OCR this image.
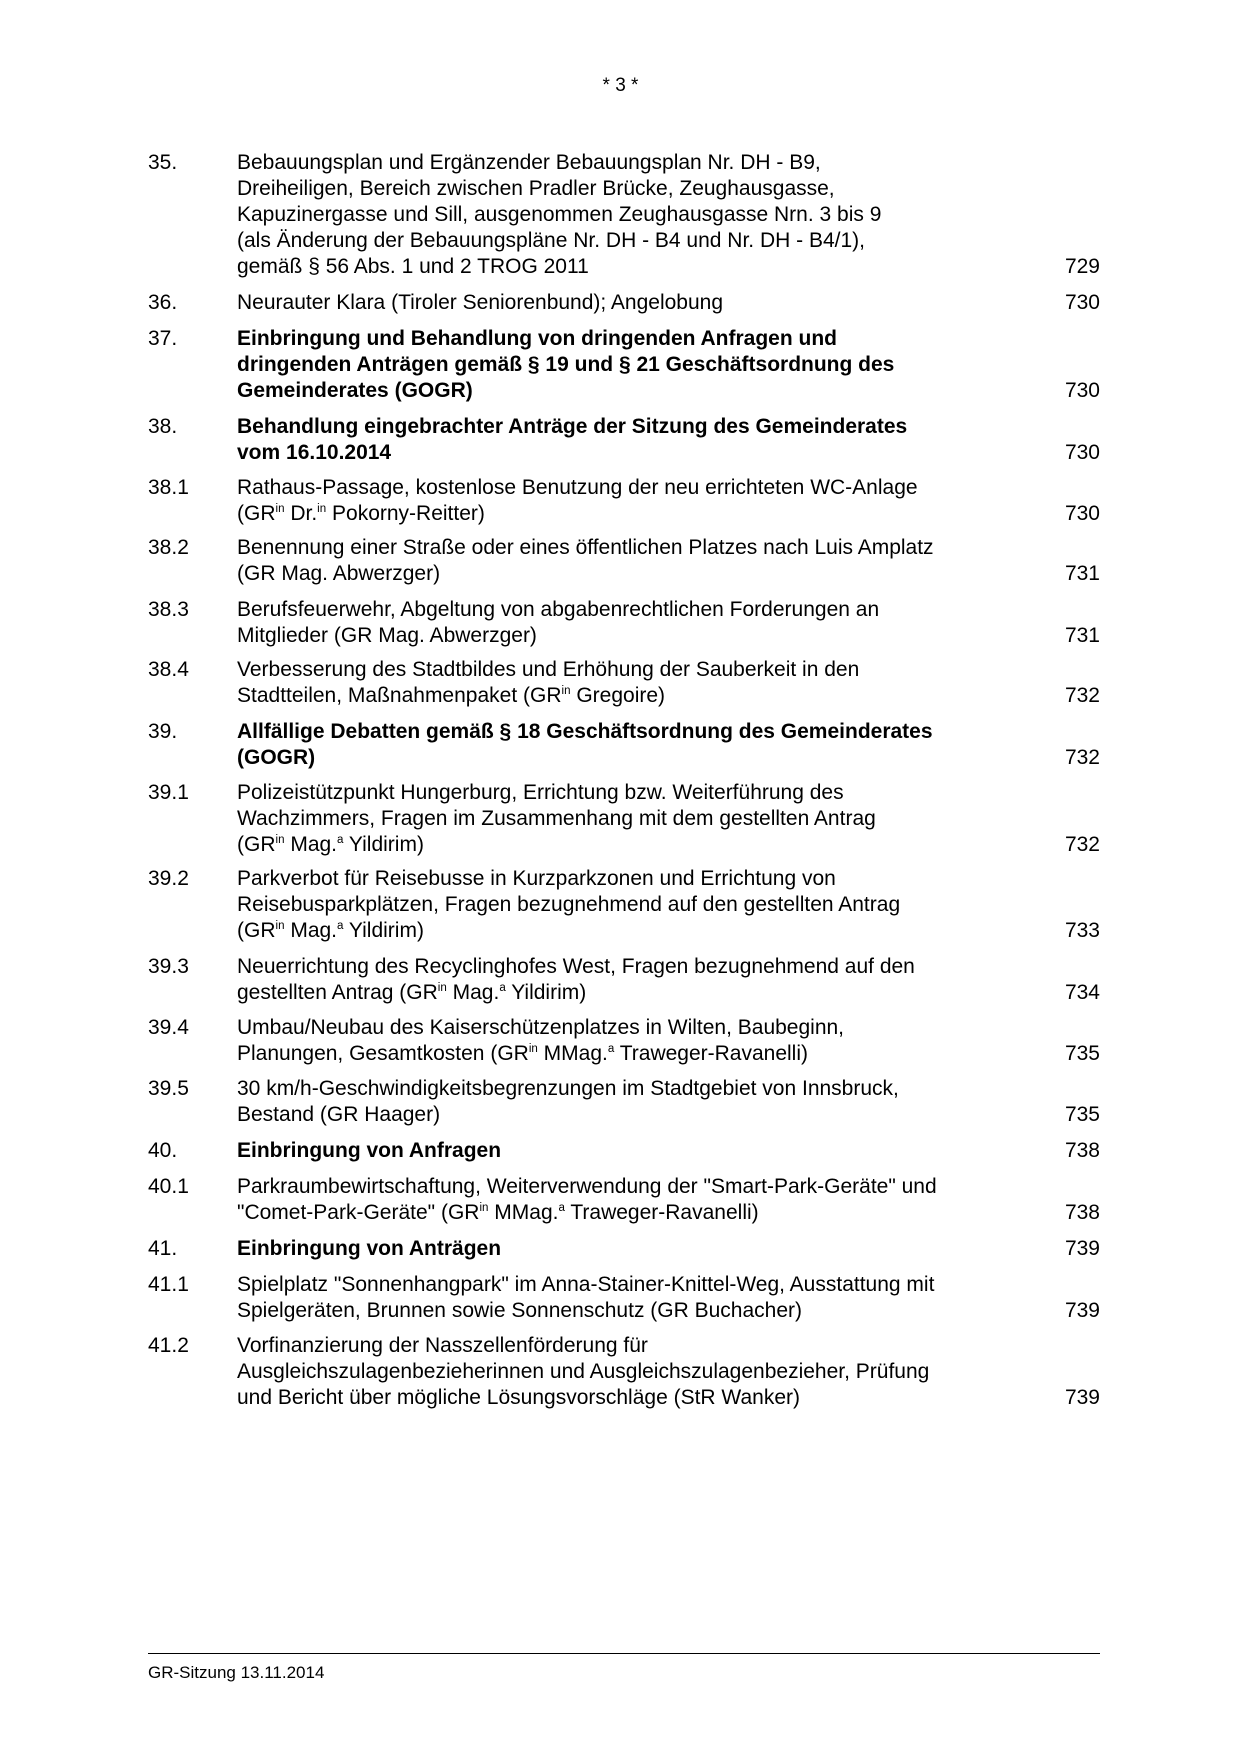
* 3 *
35.	Bebauungsplan und Ergänzender Bebauungsplan Nr. DH - B9,
Dreiheiligen, Bereich zwischen Pradler Brücke, Zeughausgasse,
Kapuzinergasse und Sill, ausgenommen Zeughausgasse Nrn. 3 bis 9
(als Änderung der Bebauungspläne Nr. DH - B4 und Nr. DH - B4/1),
gemäß § 56 Abs. 1 und 2 TROG 2011	729
36.	Neurauter Klara (Tiroler Seniorenbund); Angelobung	730
37.	Einbringung und Behandlung von dringenden Anfragen und
dringenden Anträgen gemäß § 19 und § 21 Geschäftsordnung des
Gemeinderates (GOGR)	730
38.	Behandlung eingebrachter Anträge der Sitzung des Gemeinderates
vom 16.10.2014	730
38.1	Rathaus-Passage, kostenlose Benutzung der neu errichteten WC-Anlage
($GR^{in}$ Dr.$^{in}$ Pokorny-Reitter)	730
38.2	Benennung einer Straße oder eines öffentlichen Platzes nach Luis Amplatz
(GR Mag. Abwerzger)	731
38.3	Berufsfeuerwehr, Abgeltung von abgabenrechtlichen Forderungen an
Mitglieder (GR Mag. Abwerzger)	731
38.4	Verbesserung des Stadtbildes und Erhöhung der Sauberkeit in den
Stadtteilen, Maßnahmenpaket ($GR^{in}$ Gregoire)	732
39.	Allfällige Debatten gemäß § 18 Geschäftsordnung des Gemeinderates
(GOGR)	732
39.1	Polizeistützpunkt Hungerburg, Errichtung bzw. Weiterführung des
Wachzimmers, Fragen im Zusammenhang mit dem gestellten Antrag
($GR^{in}$ Mag.$^a$ Yildirim)	732
39.2	Parkverbot für Reisebusse in Kurzparkzonen und Errichtung von
Reisebusparkplätzen, Fragen bezugnehmend auf den gestellten Antrag
($GR^{in}$ Mag.$^a$ Yildirim)	733
39.3	Neuerrichtung des Recyclinghofes West, Fragen bezugnehmend auf den
gestellten Antrag ($GR^{in}$ Mag.$^a$ Yildirim)	734
39.4	Umbau/Neubau des Kaiserschützenplatzes in Wilten, Baubeginn,
Planungen, Gesamtkosten ($GR^{in}$ MMag.$^a$ Traweger-Ravanelli)	735
39.5	30 km/h-Geschwindigkeitsbegrenzungen im Stadtgebiet von Innsbruck,
Bestand (GR Haager)	735
40.	Einbringung von Anfragen	738
40.1	Parkraumbewirtschaftung, Weiterverwendung der "Smart-Park-Geräte" und
"Comet-Park-Geräte" ($GR^{in}$ MMag.$^a$ Traweger-Ravanelli)	738
41.	Einbringung von Anträgen	739
41.1	Spielplatz "Sonnenhangpark" im Anna-Stainer-Knittel-Weg, Ausstattung mit
Spielgeräten, Brunnen sowie Sonnenschutz (GR Buchacher)	739
41.2	Vorfinanzierung der Nasszellenförderung für
Ausgleichszulagenbezieherinnen und Ausgleichszulagenbezieher, Prüfung
und Bericht über mögliche Lösungsvorschläge (StR Wanker)	739
GR-Sitzung 13.11.2014
